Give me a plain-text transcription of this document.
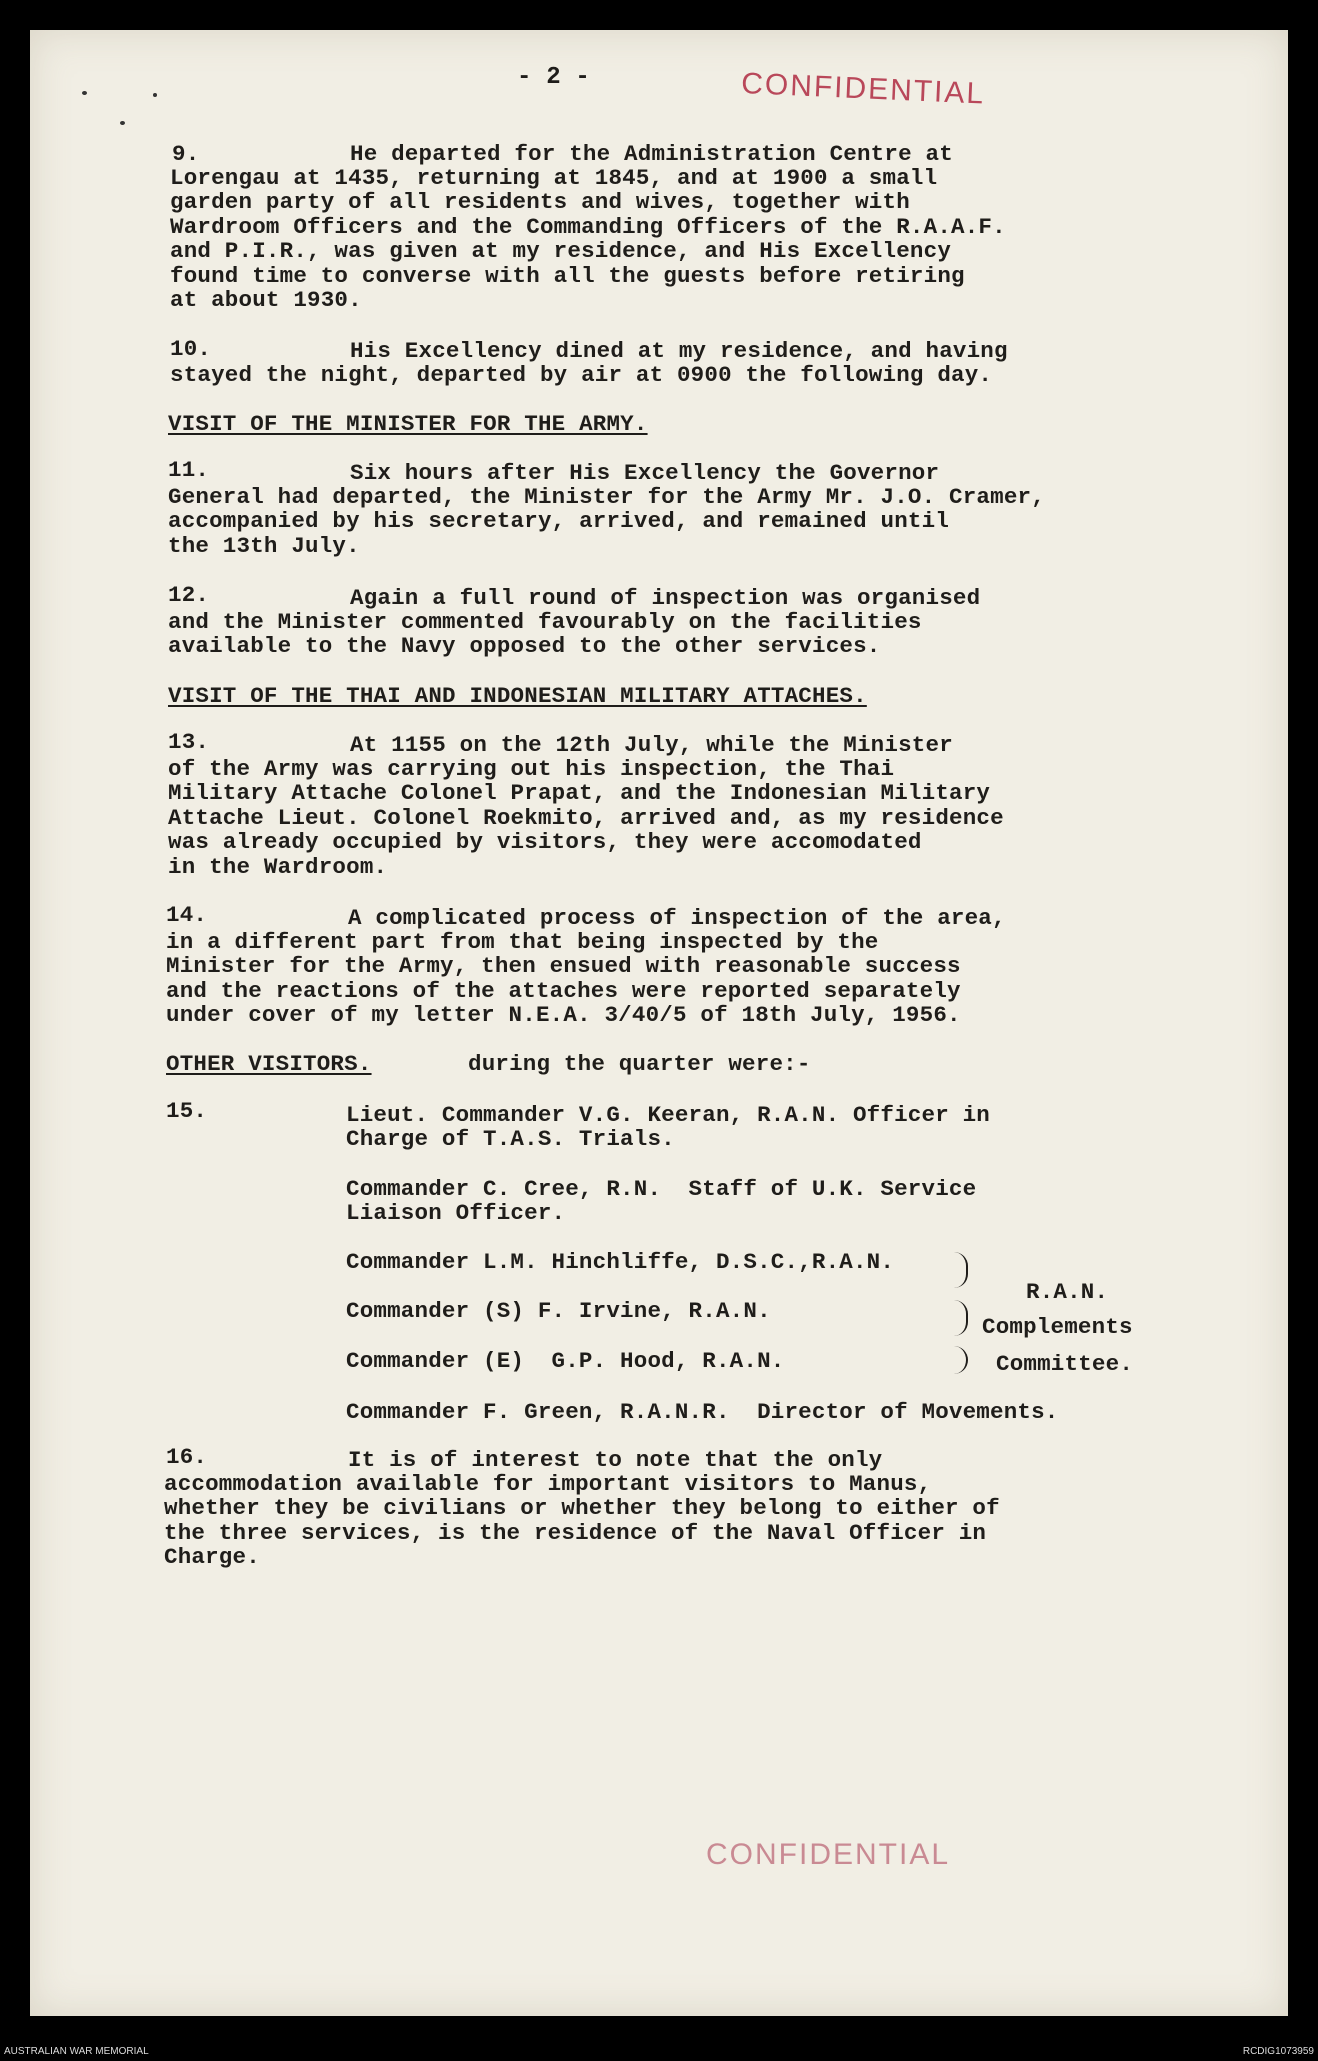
- 2 -	CONFIDENTIAL
9.	He departed for the Administration Centre at
Lorengau at 1435, returning at 1845, and at 1900 a small
garden party of all residents and wives, together with
Wardroom Officers and the Commanding Officers of the R.A.A.F.
and P.I.R., was given at my residence, and His Excellency
found time to converse with all the guests before retiring
at about 1930.
10.	His Excellency dined at my residence, and having
stayed the night, departed by air at 0900 the following day.
VISIT OF THE MINISTER FOR THE ARMY.
11.	Six hours after His Excellency the Governor
General had departed, the Minister for the Army Mr. J.O. Cramer,
accompanied by his secretary, arrived, and remained until
the 13th July.
12.	Again a full round of inspection was organised
and the Minister commented favourably on the facilities
available to the Navy opposed to the other services.
VISIT OF THE THAI AND INDONESIAN MILITARY ATTACHES.
13.	At 1155 on the 12th July, while the Minister
of the Army was carrying out his inspection, the Thai
Military Attache Colonel Prapat, and the Indonesian Military
Attache Lieut. Colonel Roekmito, arrived and, as my residence
was already occupied by visitors, they were accomodated
in the Wardroom.
14.	A complicated process of inspection of the area,
in a different part from that being inspected by the
Minister for the Army, then ensued with reasonable success
and the reactions of the attaches were reported separately
under cover of my letter N.E.A. 3/40/5 of 18th July, 1956.
OTHER VISITORS.	during the quarter were:-
15.	Lieut. Commander V.G. Keeran, R.A.N. Officer in
Charge of T.A.S. Trials.
Commander C. Cree, R.N.  Staff of U.K. Service
Liaison Officer.
Commander L.M. Hinchliffe, D.S.C.,R.A.N.
Commander (S) F. Irvine, R.A.N.
Commander (E)  G.P. Hood, R.A.N.
R.A.N.
Complements
Committee.
Commander F. Green, R.A.N.R.  Director of Movements.
16.	It is of interest to note that the only
accommodation available for important visitors to Manus,
whether they be civilians or whether they belong to either of
the three services, is the residence of the Naval Officer in
Charge.
CONFIDENTIAL
AUSTRALIAN WAR MEMORIAL	RCDIG1073959
